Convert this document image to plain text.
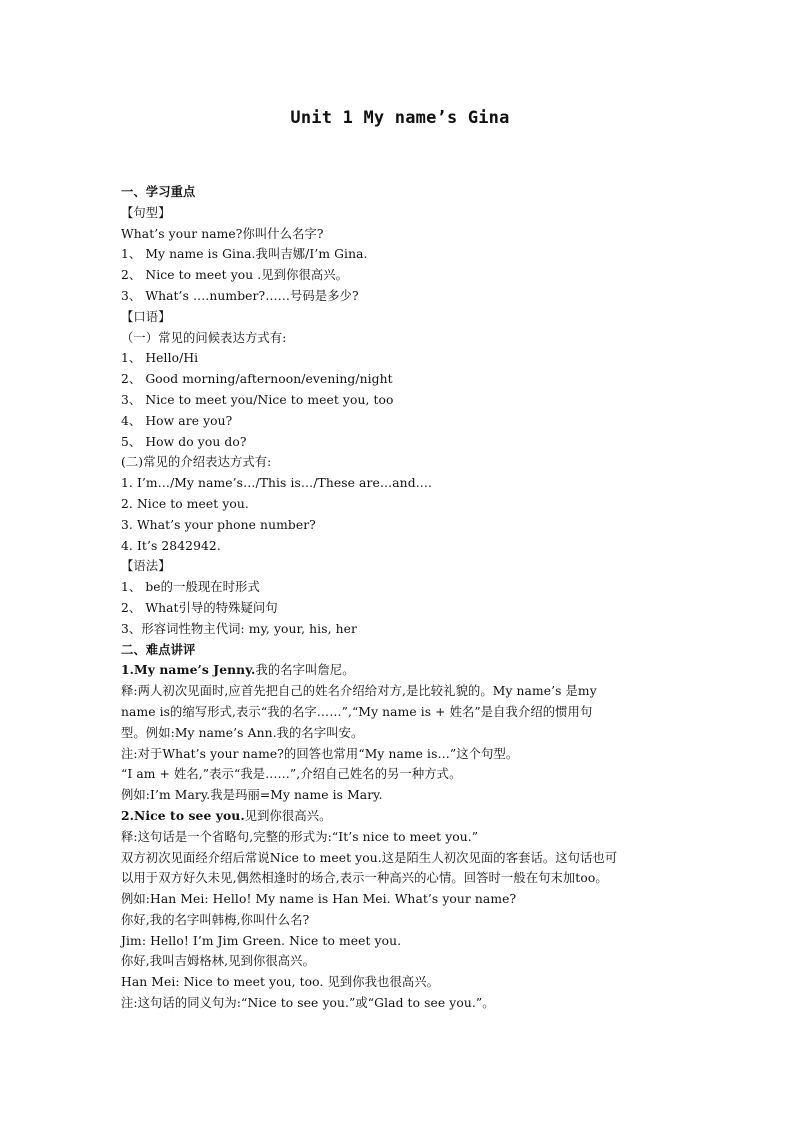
Unit 1 My name’s Gina
一、学习重点
【句型】
What’s your name?你叫什么名字?
1、 My name is Gina.我叫吉娜/I’m Gina.
2、 Nice to meet you .见到你很高兴。
3、 What’s ….number?……号码是多少?
【口语】
（一）常见的问候表达方式有:
1、 Hello/Hi
2、 Good morning/afternoon/evening/night
3、 Nice to meet you/Nice to meet you, too
4、 How are you?
5、 How do you do?
(二)常见的介绍表达方式有:
1. I’m…/My name’s…/This is…/These are…and….
2. Nice to meet you.
3. What’s your phone number?
4. It’s 2842942.
【语法】
1、 be的一般现在时形式
2、 What引导的特殊疑问句
3、形容词性物主代词: my, your, his, her
二、难点讲评
1.My name’s Jenny.我的名字叫詹尼。
释:两人初次见面时,应首先把自己的姓名介绍给对方,是比较礼貌的。My name’s 是my
name is的缩写形式,表示“我的名字……”,“My name is + 姓名”是自我介绍的惯用句
型。例如:My name’s Ann.我的名字叫安。
注:对于What’s your name?的回答也常用“My name is…”这个句型。
“I am + 姓名,”表示“我是……”,介绍自己姓名的另一种方式。
例如:I’m Mary.我是玛丽=My name is Mary.
2.Nice to see you.见到你很高兴。
释:这句话是一个省略句,完整的形式为:“It’s nice to meet you.”
双方初次见面经介绍后常说Nice to meet you.这是陌生人初次见面的客套话。这句话也可
以用于双方好久未见,偶然相逢时的场合,表示一种高兴的心情。回答时一般在句末加too。
例如:Han Mei: Hello! My name is Han Mei. What’s your name?
你好,我的名字叫韩梅,你叫什么名?
Jim: Hello! I’m Jim Green. Nice to meet you.
你好,我叫吉姆格林,见到你很高兴。
Han Mei: Nice to meet you, too. 见到你我也很高兴。
注:这句话的同义句为:“Nice to see you.”或“Glad to see you.”。
